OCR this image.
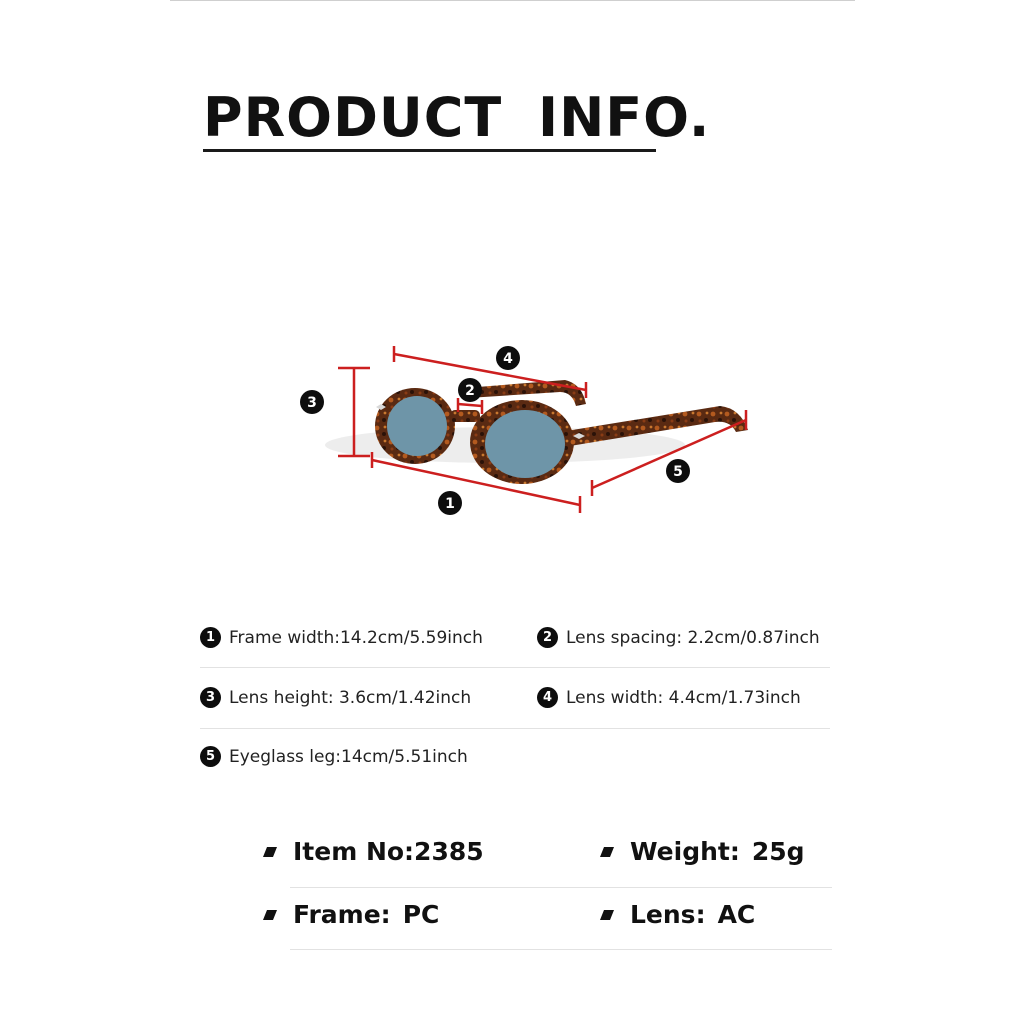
PRODUCT INFO.
3
4
2
1
5
1 Frame width:14.2cm/5.59inch	2 Lens spacing: 2.2cm/0.87inch
3 Lens height: 3.6cm/1.42inch	4 Lens width: 4.4cm/1.73inch
5 Eyeglass leg:14cm/5.51inch
Item No:2385	Weight: 25g
Frame: PC	Lens: AC
